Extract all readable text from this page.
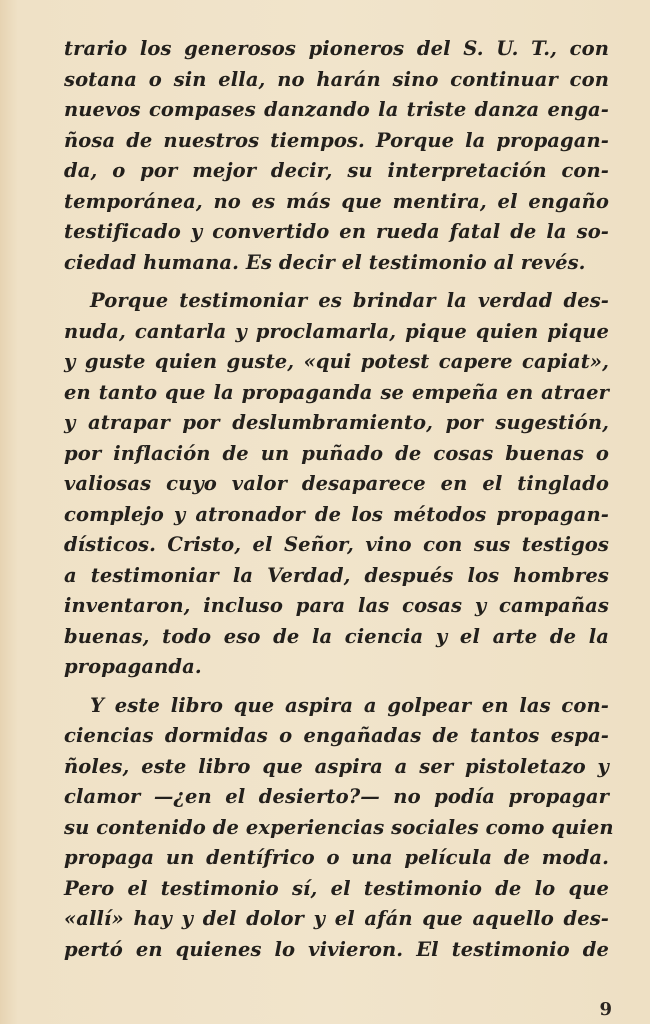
trario los generosos pioneros del S. U. T., con
sotana o sin ella, no harán sino continuar con
nuevos compases danzando la triste danza enga-
ñosa de nuestros tiempos. Porque la propagan-
da, o por mejor decir, su interpretación con-
temporánea, no es más que mentira, el engaño
testificado y convertido en rueda fatal de la so-
ciedad humana. Es decir el testimonio al revés.

Porque testimoniar es brindar la verdad des-
nuda, cantarla y proclamarla, pique quien pique
y guste quien guste, «qui potest capere capiat»,
en tanto que la propaganda se empeña en atraer
y atrapar por deslumbramiento, por sugestión,
por inflación de un puñado de cosas buenas o
valiosas cuyo valor desaparece en el tinglado
complejo y atronador de los métodos propagan-
dísticos. Cristo, el Señor, vino con sus testigos
a testimoniar la Verdad, después los hombres
inventaron, incluso para las cosas y campañas
buenas, todo eso de la ciencia y el arte de la
propaganda.

Y este libro que aspira a golpear en las con-
ciencias dormidas o engañadas de tantos espa-
ñoles, este libro que aspira a ser pistoletazo y
clamor —¿en el desierto?— no podía propagar
su contenido de experiencias sociales como quien
propaga un dentífrico o una película de moda.
Pero el testimonio sí, el testimonio de lo que
«allí» hay y del dolor y el afán que aquello des-
pertó en quienes lo vivieron. El testimonio de

9
